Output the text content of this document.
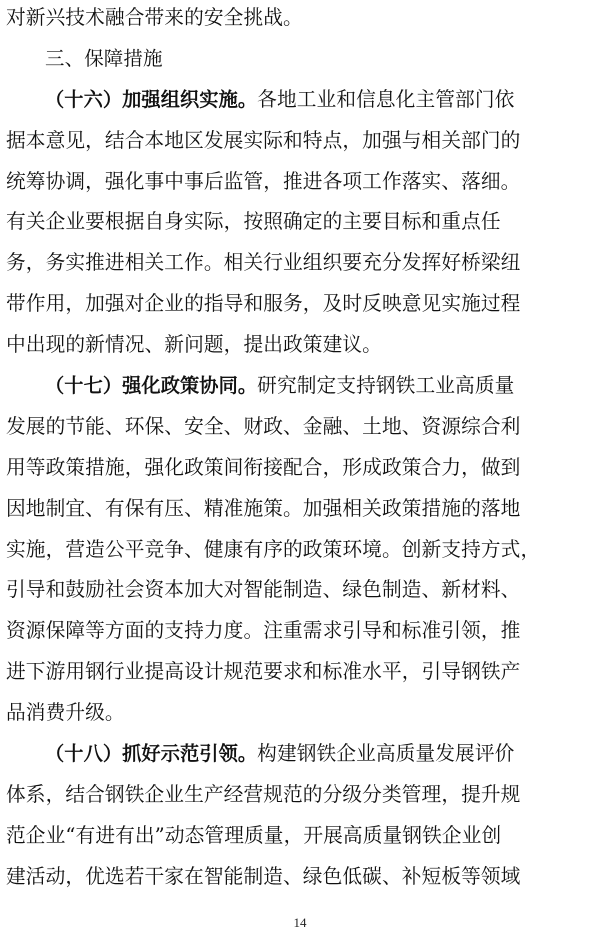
对新兴技术融合带来的安全挑战。
三、保障措施
（十六）加强组织实施。各地工业和信息化主管部门依
据本意见，结合本地区发展实际和特点，加强与相关部门的
统筹协调，强化事中事后监管，推进各项工作落实、落细。
有关企业要根据自身实际，按照确定的主要目标和重点任
务，务实推进相关工作。相关行业组织要充分发挥好桥梁纽
带作用，加强对企业的指导和服务，及时反映意见实施过程
中出现的新情况、新问题，提出政策建议。
（十七）强化政策协同。研究制定支持钢铁工业高质量
发展的节能、环保、安全、财政、金融、土地、资源综合利
用等政策措施，强化政策间衔接配合，形成政策合力，做到
因地制宜、有保有压、精准施策。加强相关政策措施的落地
实施，营造公平竞争、健康有序的政策环境。创新支持方式，
引导和鼓励社会资本加大对智能制造、绿色制造、新材料、
资源保障等方面的支持力度。注重需求引导和标准引领，推
进下游用钢行业提高设计规范要求和标准水平，引导钢铁产
品消费升级。
（十八）抓好示范引领。构建钢铁企业高质量发展评价
体系，结合钢铁企业生产经营规范的分级分类管理，提升规
范企业“有进有出”动态管理质量，开展高质量钢铁企业创
建活动，优选若干家在智能制造、绿色低碳、补短板等领域
14
